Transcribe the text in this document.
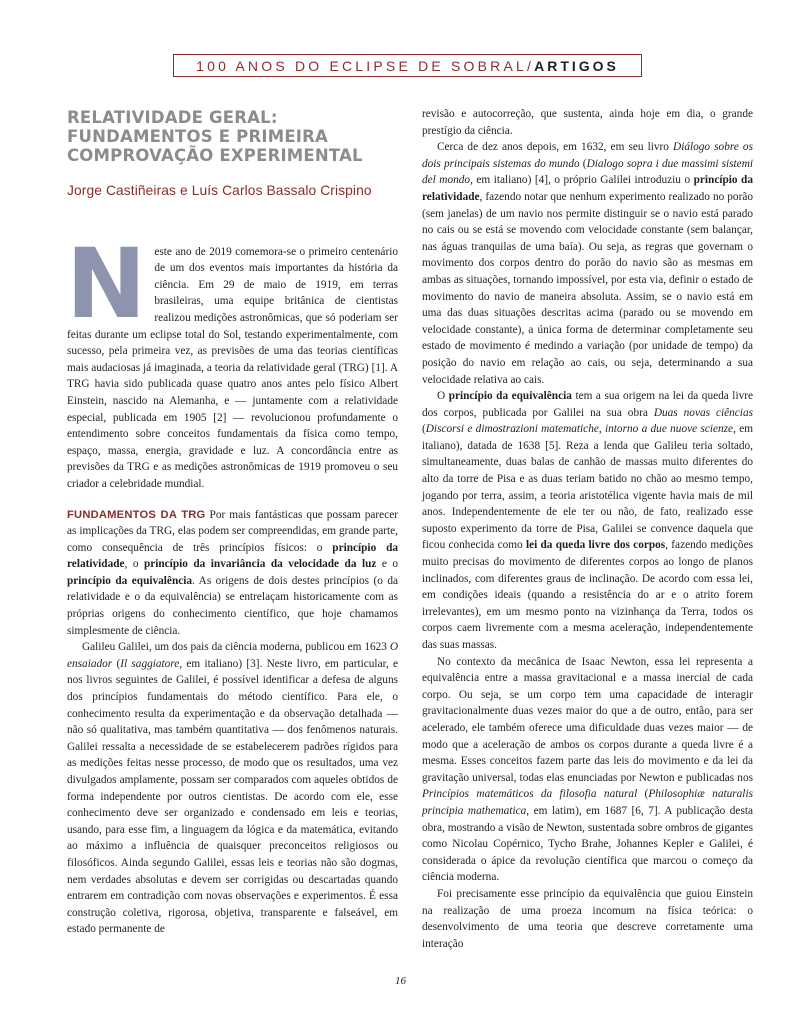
100 ANOS DO ECLIPSE DE SOBRAL/ ARTIGOS
RELATIVIDADE GERAL: FUNDAMENTOS E PRIMEIRA COMPROVAÇÃO EXPERIMENTAL
Jorge Castiñeiras e Luís Carlos Bassalo Crispino

Neste ano de 2019 comemora-se o primeiro centenário de um dos eventos mais importantes da história da ciência. Em 29 de maio de 1919, em terras brasileiras, uma equipe britânica de cientistas realizou medições astronômicas, que só poderiam ser feitas durante um eclipse total do Sol, testando experimentalmente, com sucesso, pela primeira vez, as previsões de uma das teorias científicas mais audaciosas já imaginada, a teoria da relatividade geral (TRG) [1]. A TRG havia sido publicada quase quatro anos antes pelo físico Albert Einstein, nascido na Alemanha, e — juntamente com a relatividade especial, publicada em 1905 [2] — revolucionou profundamente o entendimento sobre conceitos fundamentais da física como tempo, espaço, massa, energia, gravidade e luz. A concordância entre as previsões da TRG e as medições astronômicas de 1919 promoveu o seu criador a celebridade mundial.

FUNDAMENTOS DA TRG Por mais fantásticas que possam parecer as implicações da TRG, elas podem ser compreendidas, em grande parte, como consequência de três princípios físicos: o princípio da relatividade, o princípio da invariância da velocidade da luz e o princípio da equivalência. As origens de dois destes princípios (o da relatividade e o da equivalência) se entrelaçam historicamente com as próprias origens do conhecimento científico, que hoje chamamos simplesmente de ciência.

Galileu Galilei, um dos pais da ciência moderna, publicou em 1623 O ensaiador (Il saggiatore, em italiano) [3]. Neste livro, em particular, e nos livros seguintes de Galilei, é possível identificar a defesa de alguns dos princípios fundamentais do método científico. Para ele, o conhecimento resulta da experimentação e da observação detalhada — não só qualitativa, mas também quantitativa — dos fenômenos naturais. Galilei ressalta a necessidade de se estabelecerem padrões rígidos para as medições feitas nesse processo, de modo que os resultados, uma vez divulgados amplamente, possam ser comparados com aqueles obtidos de forma independente por outros cientistas. De acordo com ele, esse conhecimento deve ser organizado e condensado em leis e teorias, usando, para esse fim, a linguagem da lógica e da matemática, evitando ao máximo a influência de quaisquer preconceitos religiosos ou filosóficos. Ainda segundo Galilei, essas leis e teorias não são dogmas, nem verdades absolutas e devem ser corrigidas ou descartadas quando entrarem em contradição com novas observações e experimentos. É essa construção coletiva, rigorosa, objetiva, transparente e falseável, em estado permanente de

revisão e autocorreção, que sustenta, ainda hoje em dia, o grande prestígio da ciência.

Cerca de dez anos depois, em 1632, em seu livro Diálogo sobre os dois principais sistemas do mundo (Dialogo sopra i due massimi sistemi del mondo, em italiano) [4], o próprio Galilei introduziu o princípio da relatividade, fazendo notar que nenhum experimento realizado no porão (sem janelas) de um navio nos permite distinguir se o navio está parado no cais ou se está se movendo com velocidade constante (sem balançar, nas águas tranquilas de uma baía). Ou seja, as regras que governam o movimento dos corpos dentro do porão do navio são as mesmas em ambas as situações, tornando impossível, por esta via, definir o estado de movimento do navio de maneira absoluta. Assim, se o navio está em uma das duas situações descritas acima (parado ou se movendo em velocidade constante), a única forma de determinar completamente seu estado de movimento é medindo a variação (por unidade de tempo) da posição do navio em relação ao cais, ou seja, determinando a sua velocidade relativa ao cais.

O princípio da equivalência tem a sua origem na lei da queda livre dos corpos, publicada por Galilei na sua obra Duas novas ciências (Discorsi e dimostrazioni matematiche, intorno a due nuove scienze, em italiano), datada de 1638 [5]. Reza a lenda que Galileu teria soltado, simultaneamente, duas balas de canhão de massas muito diferentes do alto da torre de Pisa e as duas teriam batido no chão ao mesmo tempo, jogando por terra, assim, a teoria aristotélica vigente havia mais de mil anos. Independentemente de ele ter ou não, de fato, realizado esse suposto experimento da torre de Pisa, Galilei se convence daquela que ficou conhecida como lei da queda livre dos corpos, fazendo medições muito precisas do movimento de diferentes corpos ao longo de planos inclinados, com diferentes graus de inclinação. De acordo com essa lei, em condições ideais (quando a resistência do ar e o atrito forem irrelevantes), em um mesmo ponto na vizinhança da Terra, todos os corpos caem livremente com a mesma aceleração, independentemente das suas massas.

No contexto da mecânica de Isaac Newton, essa lei representa a equivalência entre a massa gravitacional e a massa inercial de cada corpo. Ou seja, se um corpo tem uma capacidade de interagir gravitacionalmente duas vezes maior do que a de outro, então, para ser acelerado, ele também oferece uma dificuldade duas vezes maior — de modo que a aceleração de ambos os corpos durante a queda livre é a mesma. Esses conceitos fazem parte das leis do movimento e da lei da gravitação universal, todas elas enunciadas por Newton e publicadas nos Princípios matemáticos da filosofia natural (Philosophiæ naturalis principia mathematica, em latim), em 1687 [6, 7]. A publicação desta obra, mostrando a visão de Newton, sustentada sobre ombros de gigantes como Nicolau Copérnico, Tycho Brahe, Johannes Kepler e Galilei, é considerada o ápice da revolução científica que marcou o começo da ciência moderna.

Foi precisamente esse princípio da equivalência que guiou Einstein na realização de uma proeza incomum na física teórica: o desenvolvimento de uma teoria que descreve corretamente uma interação

16
